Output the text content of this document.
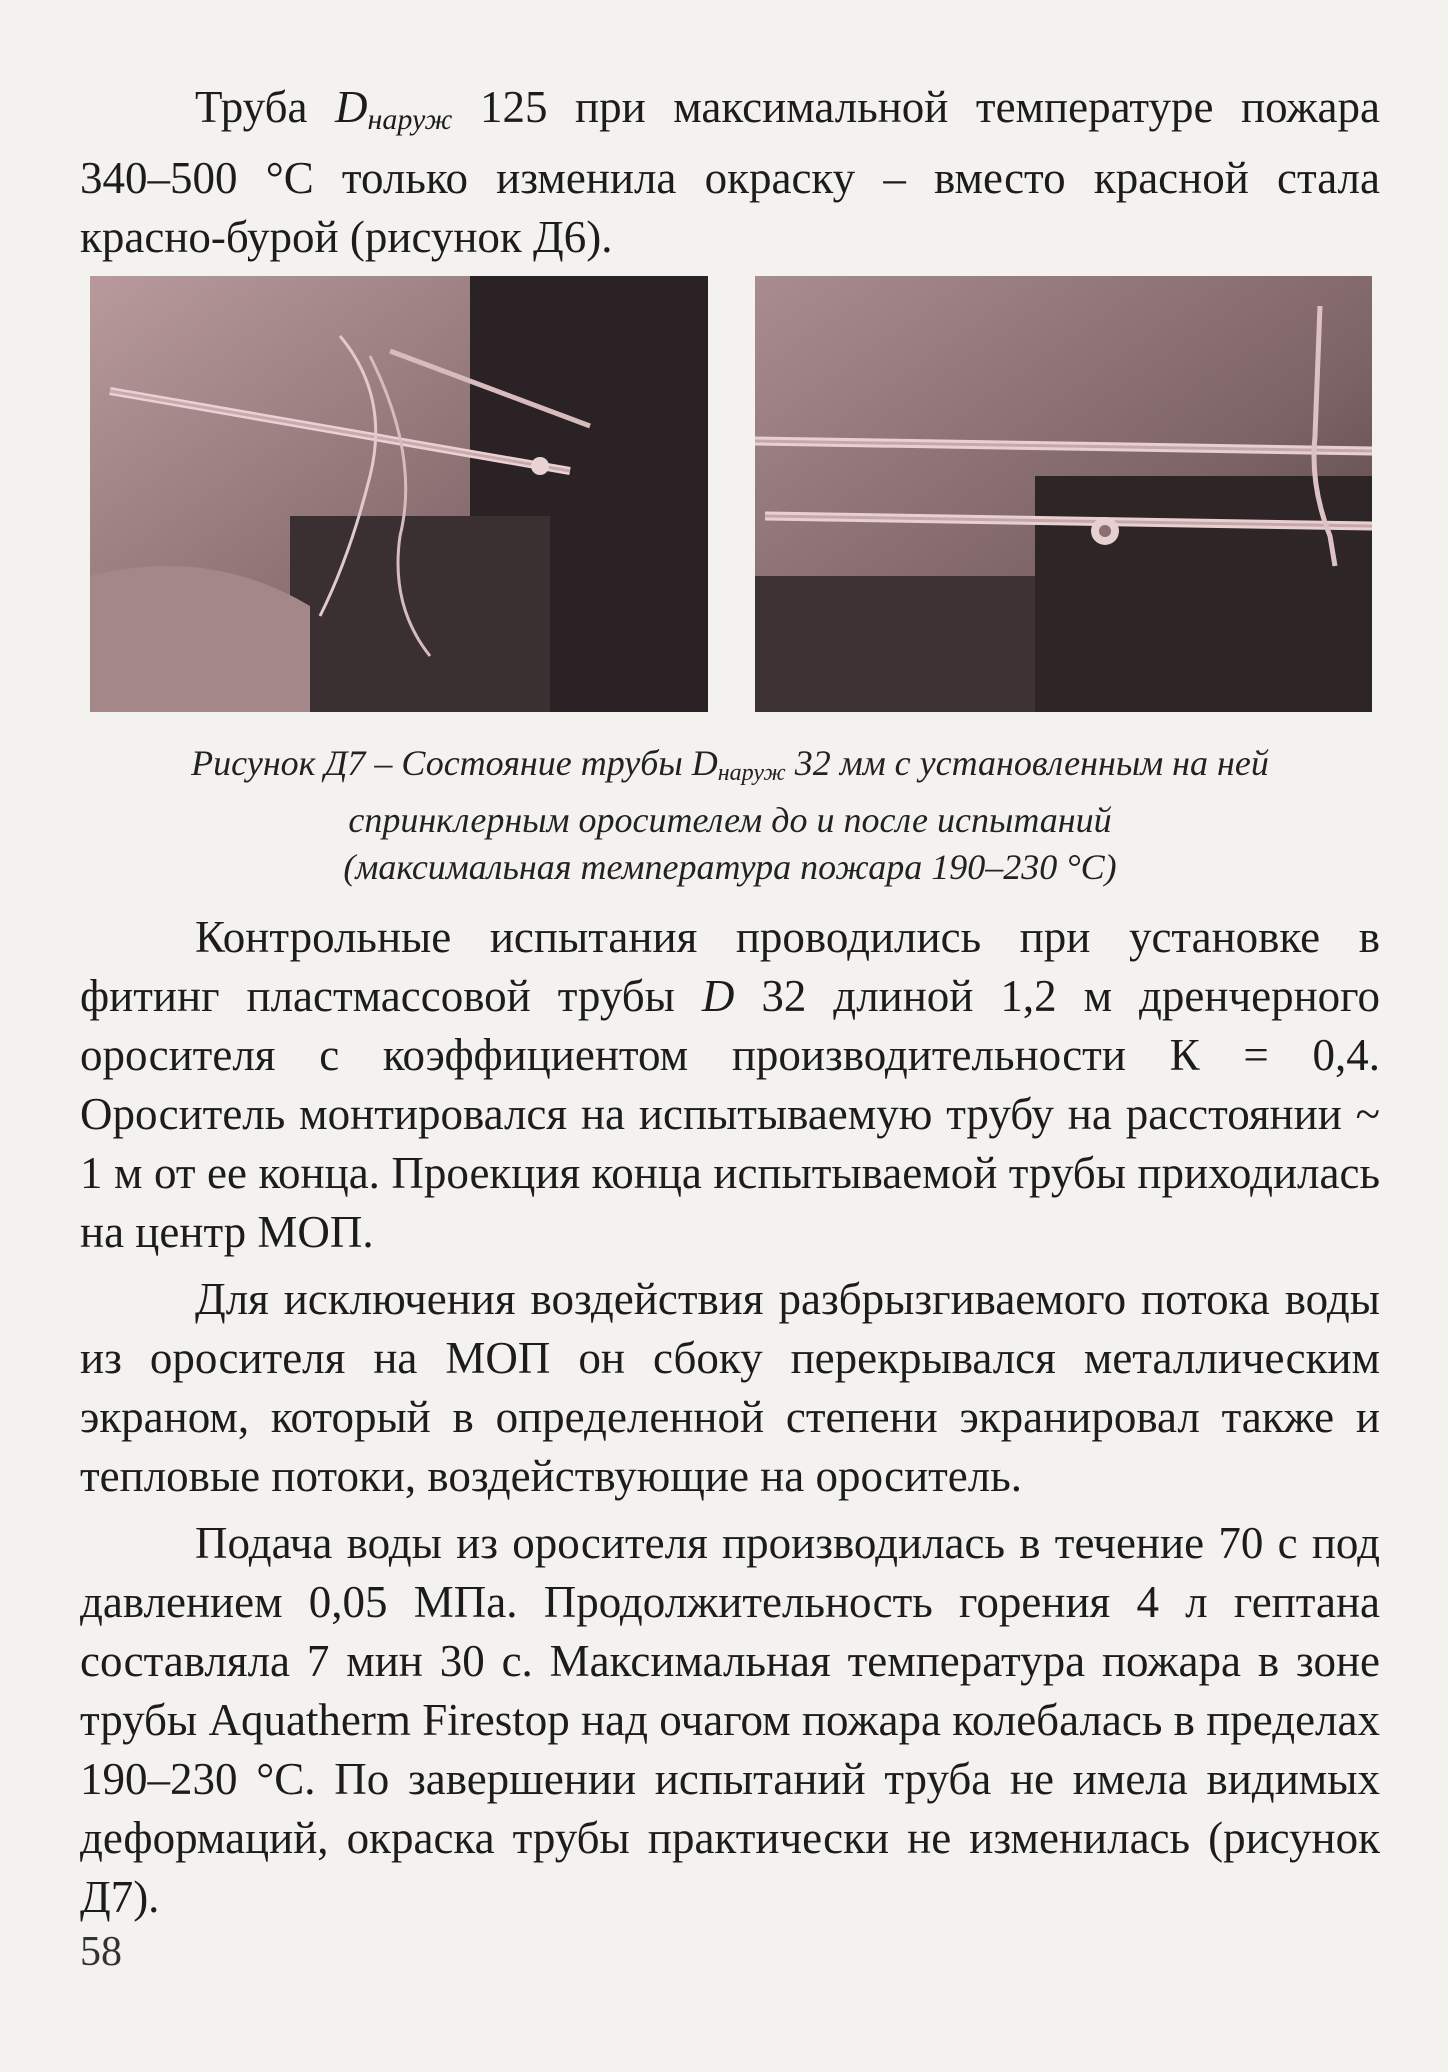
Труба $D_{наруж}$ 125 при максимальной температуре пожара 340–500 °C только изменила окраску – вместо красной стала красно-бурой (рисунок Д6).

Рисунок Д7 – Состояние трубы $D_{наруж}$ 32 мм с установленным на ней
спринклерным оросителем до и после испытаний
(максимальная температура пожара 190–230 °C)

Контрольные испытания проводились при установке в фитинг пластмассовой трубы D 32 длиной 1,2 м дренчерного оросителя с коэффициентом производительности К = 0,4. Ороситель монтировался на испытываемую трубу на расстоянии ~ 1 м от ее конца. Проекция конца испытываемой трубы приходилась на центр МОП.

Для исключения воздействия разбрызгиваемого потока воды из оросителя на МОП он сбоку перекрывался металлическим экраном, который в определенной степени экранировал также и тепловые потоки, воздействующие на ороситель.

Подача воды из оросителя производилась в течение 70 с под давлением 0,05 МПа. Продолжительность горения 4 л гептана составляла 7 мин 30 с. Максимальная температура пожара в зоне трубы Aquatherm Firestop над очагом пожара колебалась в пределах 190–230 °C. По завершении испытаний труба не имела видимых деформаций, окраска трубы практически не изменилась (рисунок Д7).

58
